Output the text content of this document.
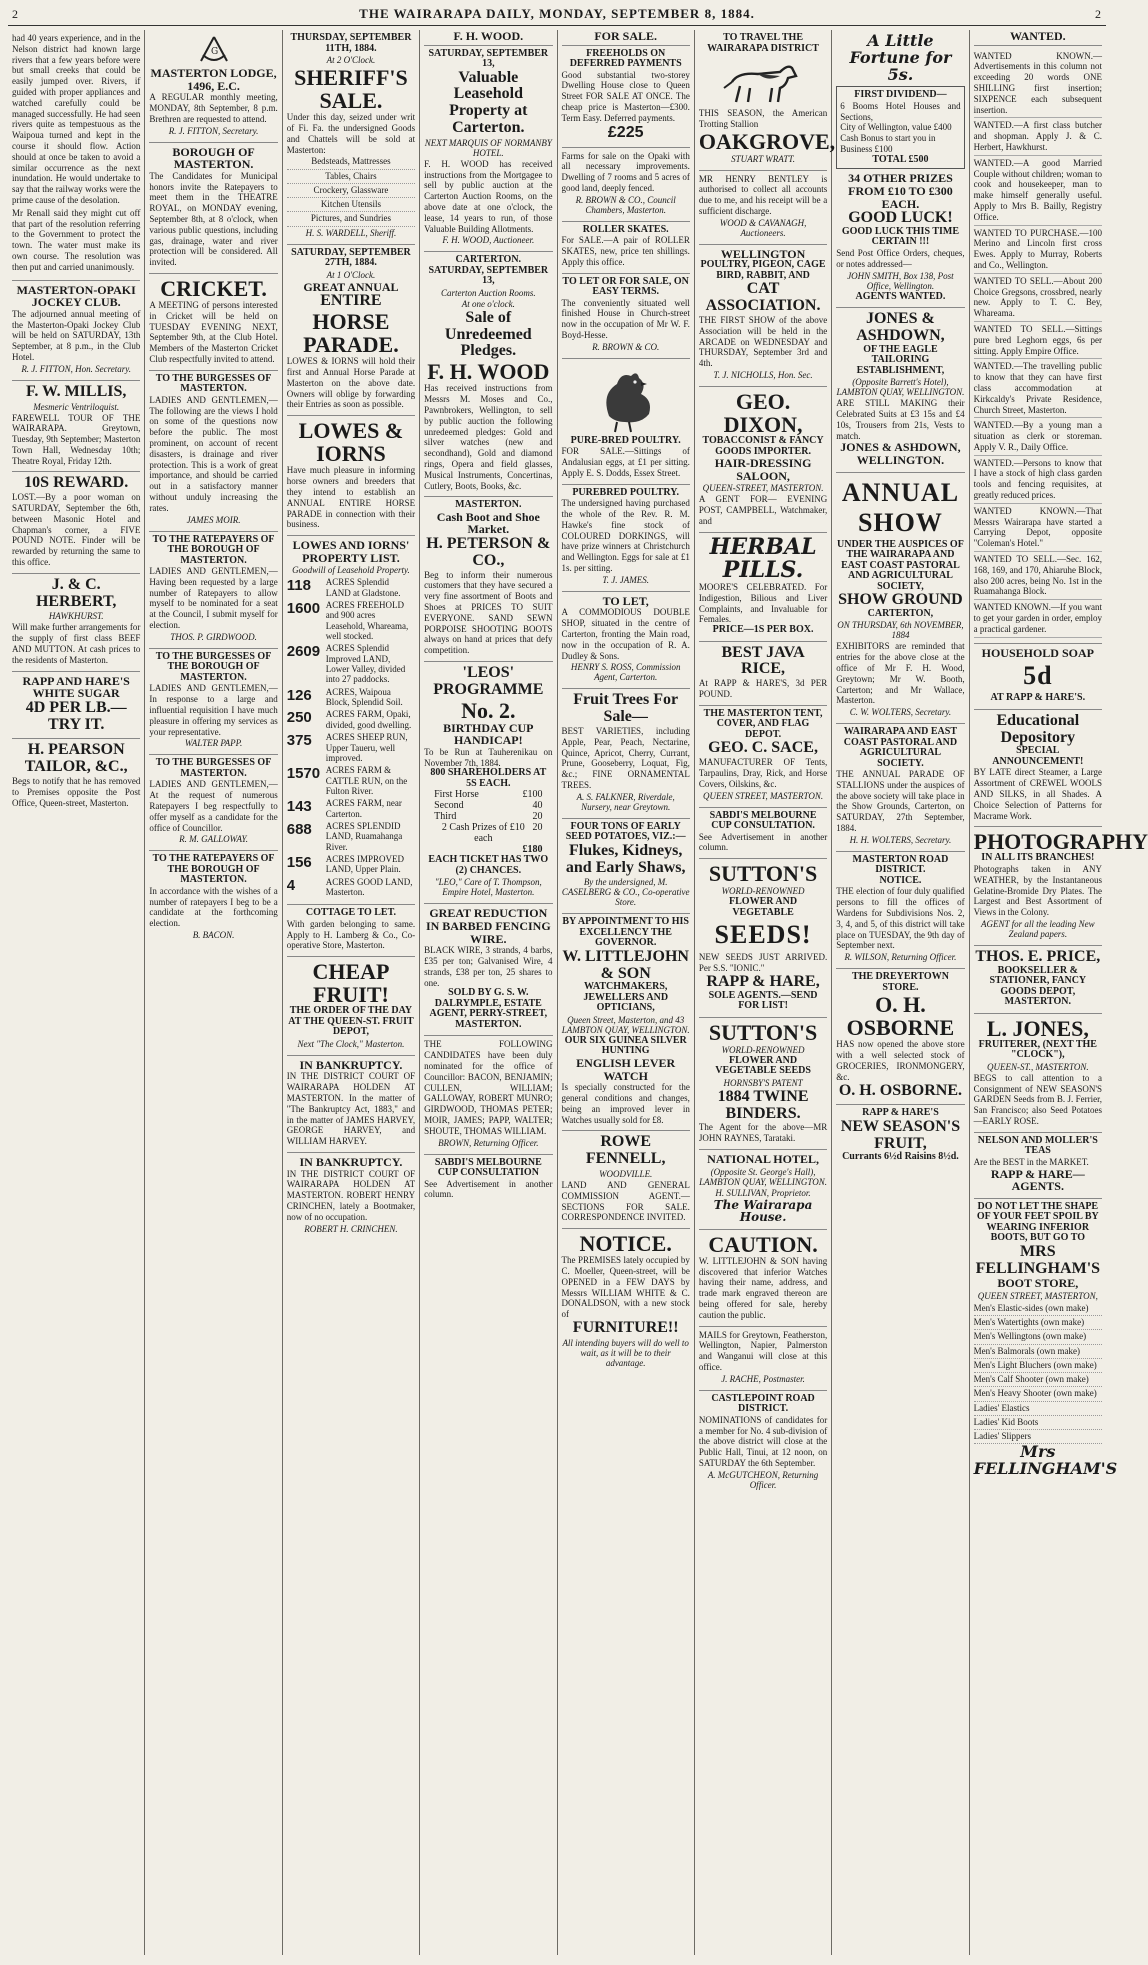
2	THE WAIRARAPA DAILY, MONDAY, SEPTEMBER 8, 1884.	2

had 40 years experience, and in the Nelson district had known large rivers that a few years before were but small creeks that could be easily jumped over. Rivers, if guided with proper appliances and watched carefully could be managed successfully. He had seen rivers quite as tempestuous as the Waipoua turned and kept in the course it should flow. Action should at once be taken to avoid a similar occurrence as the next inundation. He would undertake to say that the railway works were the prime cause of the desolation.

Mr Renall said they might cut off that part of the resolution referring to the Government to protect the town. The water must make its own course. The resolution was then put and carried unanimously.

MASTERTON-OPAKI JOCKEY CLUB.
The adjourned annual meeting of the Masterton-Opaki Jockey Club will be held on SATURDAY, 13th September, at 8 p.m., in the Club Hotel.
R. J. FITTON, Hon. Secretary.
F. W. MILLIS,
Mesmeric Ventriloquist.
FAREWELL TOUR OF THE WAIRARAPA. Greytown, Tuesday, 9th September; Masterton Town Hall, Wednesday 10th; Theatre Royal, Friday 12th.
10S REWARD.
LOST.—By a poor woman on SATURDAY, September the 6th, between Masonic Hotel and Chapman's corner, a FIVE POUND NOTE. Finder will be rewarded by returning the same to this office.
J. & C. HERBERT,
HAWKHURST.
Will make further arrangements for the supply of first class BEEF AND MUTTON. At cash prices to the residents of Masterton.
RAPP AND HARE'S WHITE SUGAR
4D PER LB.—TRY IT.
H. PEARSON TAILOR, &C.,
Begs to notify that he has removed to Premises opposite the Post Office, Queen-street, Masterton.
G
MASTERTON LODGE, 1496, E.C.
A REGULAR monthly meeting, MONDAY, 8th September, 8 p.m. Brethren are requested to attend.
R. J. FITTON, Secretary.
BOROUGH OF MASTERTON.
The Candidates for Municipal honors invite the Ratepayers to meet them in the THEATRE ROYAL, on MONDAY evening, September 8th, at 8 o'clock, when various public questions, including gas, drainage, water and river protection will be considered. All invited.
CRICKET.
A MEETING of persons interested in Cricket will be held on TUESDAY EVENING NEXT, September 9th, at the Club Hotel. Members of the Masterton Cricket Club respectfully invited to attend.
TO THE BURGESSES OF MASTERTON.
LADIES AND GENTLEMEN,—The following are the views I hold on some of the questions now before the public. The most prominent, on account of recent disasters, is drainage and river protection. This is a work of great importance, and should be carried out in a satisfactory manner without unduly increasing the rates.
JAMES MOIR.
TO THE RATEPAYERS OF THE BOROUGH OF MASTERTON.
LADIES AND GENTLEMEN,—Having been requested by a large number of Ratepayers to allow myself to be nominated for a seat at the Council, I submit myself for election.
THOS. P. GIRDWOOD.
TO THE BURGESSES OF THE BOROUGH OF MASTERTON.
LADIES AND GENTLEMEN,—In response to a large and influential requisition I have much pleasure in offering my services as your representative.
WALTER PAPP.
TO THE BURGESSES OF MASTERTON.
LADIES AND GENTLEMEN,—At the request of numerous Ratepayers I beg respectfully to offer myself as a candidate for the office of Councillor.
R. M. GALLOWAY.
TO THE RATEPAYERS OF THE BOROUGH OF MASTERTON.
In accordance with the wishes of a number of ratepayers I beg to be a candidate at the forthcoming election.
B. BACON.
THURSDAY, SEPTEMBER 11TH, 1884.
At 2 O'Clock.
SHERIFF'S SALE.
Under this day, seized under writ of Fi. Fa. the undersigned Goods and Chattels will be sold at Masterton:
Bedsteads, Mattresses
Tables, Chairs
Crockery, Glassware
Kitchen Utensils
Pictures, and Sundries
H. S. WARDELL, Sheriff.
SATURDAY, SEPTEMBER 27TH, 1884.
At 1 O'Clock.
GREAT ANNUAL
ENTIRE
HORSE PARADE.
LOWES & IORNS will hold their first and Annual Horse Parade at Masterton on the above date. Owners will oblige by forwarding their Entries as soon as possible.
LOWES & IORNS
Have much pleasure in informing horse owners and breeders that they intend to establish an ANNUAL ENTIRE HORSE PARADE in connection with their business.
LOWES AND IORNS' PROPERTY LIST.
Goodwill of Leasehold Property.
118	ACRES Splendid LAND at Gladstone.
1600 ACRES FREEHOLD and 900 acres Leasehold, Whareama, well stocked.
2609 ACRES Splendid Improved LAND, Lower Valley, divided into 27 paddocks.
126	ACRES, Waipoua Block, Splendid Soil.
250	ACRES FARM, Opaki, divided, good dwelling.
375	ACRES SHEEP RUN, Upper Taueru, well improved.
1570 ACRES FARM & CATTLE RUN, on the Fulton River.
143	ACRES FARM, near Carterton.
688	ACRES SPLENDID LAND, Ruamahanga River.
156	ACRES IMPROVED LAND, Upper Plain.
4	ACRES GOOD LAND, Masterton.
COTTAGE TO LET.
With garden belonging to same. Apply to H. Lamberg & Co., Co-operative Store, Masterton.
CHEAP FRUIT!
THE ORDER OF THE DAY AT THE QUEEN-ST. FRUIT DEPOT,
Next "The Clock," Masterton.
IN BANKRUPTCY.
IN THE DISTRICT COURT OF WAIRARAPA HOLDEN AT MASTERTON. In the matter of "The Bankruptcy Act, 1883," and in the matter of JAMES HARVEY, GEORGE HARVEY, and WILLIAM HARVEY.
IN BANKRUPTCY.
IN THE DISTRICT COURT OF WAIRARAPA HOLDEN AT MASTERTON. ROBERT HENRY CRINCHEN, lately a Bootmaker, now of no occupation.
ROBERT H. CRINCHEN.
F. H. WOOD.
SATURDAY, SEPTEMBER 13,
Valuable Leasehold Property at Carterton.
NEXT MARQUIS OF NORMANBY HOTEL.
F. H. WOOD has received instructions from the Mortgagee to sell by public auction at the Carterton Auction Rooms, on the above date at one o'clock, the lease, 14 years to run, of those Valuable Building Allotments.
F. H. WOOD, Auctioneer.
CARTERTON.
SATURDAY, SEPTEMBER 13,
Carterton Auction Rooms.
At one o'clock.
Sale of Unredeemed Pledges.
F. H. WOOD
Has received instructions from Messrs M. Moses and Co., Pawnbrokers, Wellington, to sell by public auction the following unredeemed pledges: Gold and silver watches (new and secondhand), Gold and diamond rings, Opera and field glasses, Musical Instruments, Concertinas, Cutlery, Boots, Books, &c.
MASTERTON.
Cash Boot and Shoe Market.
H. PETERSON & CO.,
Beg to inform their numerous customers that they have secured a very fine assortment of Boots and Shoes at PRICES TO SUIT EVERYONE. SAND SEWN PORPOISE SHOOTING BOOTS always on hand at prices that defy competition.
'LEOS' PROGRAMME
No. 2.
BIRTHDAY CUP HANDICAP!
To be Run at Tauherenikau on November 7th, 1884.
800 SHAREHOLDERS AT 5S EACH.
First Horse	£100
Second	40
Third	20
2 Cash Prizes of £10 each
20
£180
EACH TICKET HAS TWO (2) CHANCES.
"LEO," Care of T. Thompson, Empire Hotel, Masterton.
GREAT REDUCTION IN BARBED FENCING WIRE.
BLACK WIRE, 3 strands, 4 barbs, £35 per ton; Galvanised Wire, 4 strands, £38 per ton, 25 shares to one.
SOLD BY G. S. W. DALRYMPLE, ESTATE AGENT, PERRY-STREET, MASTERTON.
THE FOLLOWING CANDIDATES have been duly nominated for the office of Councillor: BACON, BENJAMIN; CULLEN, WILLIAM; GALLOWAY, ROBERT MUNRO; GIRDWOOD, THOMAS PETER; MOIR, JAMES; PAPP, WALTER; SHOUTE, THOMAS WILLIAM.
BROWN, Returning Officer.
SABDI'S MELBOURNE CUP CONSULTATION
See Advertisement in another column.
FOR SALE.
FREEHOLDS ON DEFERRED PAYMENTS
Good substantial two-storey Dwelling House close to Queen Street FOR SALE AT ONCE. The cheap price is Masterton—£300. Term Easy. Deferred payments.
£225
Farms for sale on the Opaki with all necessary improvements. Dwelling of 7 rooms and 5 acres of good land, deeply fenced.
R. BROWN & CO., Council Chambers, Masterton.
ROLLER SKATES.
For SALE.—A pair of ROLLER SKATES, new, price ten shillings. Apply this office.
TO LET OR FOR SALE, ON EASY TERMS.
The conveniently situated well finished House in Church-street now in the occupation of Mr W. F. Boyd-Hesse.
R. BROWN & CO.
PURE-BRED POULTRY.
FOR SALE.—Sittings of Andalusian eggs, at £1 per sitting. Apply E. S. Dodds, Essex Street.
PUREBRED POULTRY.
The undersigned having purchased the whole of the Rev. R. M. Hawke's fine stock of COLOURED DORKINGS, will have prize winners at Christchurch and Wellington. Eggs for sale at £1 1s. per sitting.
T. J. JAMES.
TO LET,
A COMMODIOUS DOUBLE SHOP, situated in the centre of Carterton, fronting the Main road, now in the occupation of R. A. Dudley & Sons.
HENRY S. ROSS, Commission Agent, Carterton.
Fruit Trees For Sale—
BEST VARIETIES, including Apple, Pear, Peach, Nectarine, Quince, Apricot, Cherry, Currant, Prune, Gooseberry, Loquat, Fig, &c.; FINE ORNAMENTAL TREES.
A. S. FALKNER, Riverdale, Nursery, near Greytown.
FOUR TONS OF EARLY SEED POTATOES, VIZ.:—
Flukes, Kidneys, and Early Shaws,
By the undersigned, M. CASELBERG & CO., Co-operative Store.
BY APPOINTMENT TO HIS EXCELLENCY THE GOVERNOR.
W. LITTLEJOHN & SON
WATCHMAKERS, JEWELLERS AND OPTICIANS,
Queen Street, Masterton, and 43 LAMBTON QUAY, WELLINGTON.
OUR SIX GUINEA SILVER HUNTING
ENGLISH LEVER WATCH
Is specially constructed for the general conditions and changes, being an improved lever in Watches usually sold for £8.
ROWE FENNELL,
WOODVILLE.
LAND AND GENERAL COMMISSION AGENT.—SECTIONS FOR SALE. CORRESPONDENCE INVITED.
NOTICE.
The PREMISES lately occupied by C. Moeller, Queen-street, will be OPENED in a FEW DAYS by Messrs WILLIAM WHITE & C. DONALDSON, with a new stock of
FURNITURE!!
All intending buyers will do well to wait, as it will be to their advantage.
TO TRAVEL THE WAIRARAPA DISTRICT
THIS SEASON, the American Trotting Stallion
OAKGROVE,
STUART WRATT.
MR HENRY BENTLEY is authorised to collect all accounts due to me, and his receipt will be a sufficient discharge.
WOOD & CAVANAGH, Auctioneers.
WELLINGTON
POULTRY, PIGEON, CAGE BIRD, RABBIT, AND
CAT ASSOCIATION.
THE FIRST SHOW of the above Association will be held in the ARCADE on WEDNESDAY and THURSDAY, September 3rd and 4th.
T. J. NICHOLLS, Hon. Sec.
GEO. DIXON,
TOBACCONIST & FANCY GOODS IMPORTER.
HAIR-DRESSING SALOON,
QUEEN-STREET, MASTERTON.
A GENT FOR— EVENING POST, CAMPBELL, Watchmaker, and
HERBAL PILLS.
MOORE'S CELEBRATED. For Indigestion, Bilious and Liver Complaints, and Invaluable for Females.
PRICE—1S PER BOX.
BEST JAVA RICE,
At RAPP & HARE'S, 3d PER POUND.
THE MASTERTON TENT, COVER, AND FLAG DEPOT.
GEO. C. SACE,
MANUFACTURER OF Tents, Tarpaulins, Dray, Rick, and Horse Covers, Oilskins, &c.
QUEEN STREET, MASTERTON.
SABDI'S MELBOURNE CUP CONSULTATION.
See Advertisement in another column.
SUTTON'S
WORLD-RENOWNED
FLOWER AND VEGETABLE
SEEDS!
NEW SEEDS JUST ARRIVED. Per S.S. "IONIC."
RAPP & HARE,
SOLE AGENTS.—SEND FOR LIST!
SUTTON'S
WORLD-RENOWNED
FLOWER AND VEGETABLE SEEDS
HORNSBY'S PATENT
1884 TWINE BINDERS.
The Agent for the above—MR JOHN RAYNES, Tarataki.
NATIONAL HOTEL,
(Opposite St. George's Hall), LAMBTON QUAY, WELLINGTON.
H. SULLIVAN, Proprietor.
The Wairarapa House.
CAUTION.
W. LITTLEJOHN & SON having discovered that inferior Watches having their name, address, and trade mark engraved thereon are being offered for sale, hereby caution the public.
MAILS for Greytown, Featherston, Wellington, Napier, Palmerston and Wanganui will close at this office.
J. RACHE, Postmaster.
CASTLEPOINT ROAD DISTRICT.
NOMINATIONS of candidates for a member for No. 4 sub-division of the above district will close at the Public Hall, Tinui, at 12 noon, on SATURDAY the 6th September.
A. McGUTCHEON, Returning Officer.
A Little Fortune for 5s.
FIRST DIVIDEND—
6 Booms Hotel Houses and Sections,
City of Wellington, value £400
Cash Bonus to start you in
Business £100
TOTAL £500
34 OTHER PRIZES FROM £10 TO £300 EACH.
GOOD LUCK!
GOOD LUCK THIS TIME CERTAIN !!!
Send Post Office Orders, cheques, or notes addressed—
JOHN SMITH, Box 138, Post Office, Wellington.
AGENTS WANTED.
JONES & ASHDOWN,
OF THE EAGLE TAILORING ESTABLISHMENT,
(Opposite Barrett's Hotel), LAMBTON QUAY, WELLINGTON.
ARE STILL MAKING their Celebrated Suits at £3 15s and £4 10s, Trousers from 21s, Vests to match.
JONES & ASHDOWN, WELLINGTON.
ANNUAL SHOW
UNDER THE AUSPICES OF THE WAIRARAPA AND EAST COAST PASTORAL AND AGRICULTURAL SOCIETY,
SHOW GROUND
CARTERTON,
ON THURSDAY, 6th NOVEMBER, 1884
EXHIBITORS are reminded that entries for the above close at the office of Mr F. H. Wood, Greytown; Mr W. Booth, Carterton; and Mr Wallace, Masterton.
C. W. WOLTERS, Secretary.
WAIRARAPA AND EAST COAST PASTORAL AND AGRICULTURAL SOCIETY.
THE ANNUAL PARADE OF STALLIONS under the auspices of the above society will take place in the Show Grounds, Carterton, on SATURDAY, 27th September, 1884.
H. H. WOLTERS, Secretary.
MASTERTON ROAD DISTRICT.
NOTICE.
THE election of four duly qualified persons to fill the offices of Wardens for Subdivisions Nos. 2, 3, 4, and 5, of this district will take place on TUESDAY, the 9th day of September next.
R. WILSON, Returning Officer.
THE DREYERTOWN STORE.
O. H. OSBORNE
HAS now opened the above store with a well selected stock of GROCERIES, IRONMONGERY, &c.
O. H. OSBORNE.
RAPP & HARE'S
NEW SEASON'S FRUIT,
Currants 6½d Raisins 8½d.
WANTED.

WANTED KNOWN.—Advertisements in this column not exceeding 20 words ONE SHILLING first insertion; SIXPENCE each subsequent insertion.

WANTED.—A first class butcher and shopman. Apply J. & C. Herbert, Hawkhurst.

WANTED.—A good Married Couple without children; woman to cook and housekeeper, man to make himself generally useful. Apply to Mrs B. Bailly, Registry Office.

WANTED TO PURCHASE.—100 Merino and Lincoln first cross Ewes. Apply to Murray, Roberts and Co., Wellington.

WANTED TO SELL.—About 200 Choice Gregsons, crossbred, nearly new. Apply to T. C. Bey, Whareama.

WANTED TO SELL.—Sittings pure bred Leghorn eggs, 6s per sitting. Apply Empire Office.

WANTED.—The travelling public to know that they can have first class accommodation at Kirkcaldy's Private Residence, Church Street, Masterton.

WANTED.—By a young man a situation as clerk or storeman. Apply V. R., Daily Office.

WANTED.—Persons to know that I have a stock of high class garden tools and fencing requisites, at greatly reduced prices.

WANTED KNOWN.—That Messrs Wairarapa have started a Carrying Depot, opposite "Coleman's Hotel."

WANTED TO SELL.—Sec. 162, 168, 169, and 170, Ahiaruhe Block, also 200 acres, being No. 1st in the Ruamahanga Block.

WANTED KNOWN.—If you want to get your garden in order, employ a practical gardener.

HOUSEHOLD SOAP
5d
AT RAPP & HARE'S.
Educational Depository
SPECIAL ANNOUNCEMENT!
BY LATE direct Steamer, a Large Assortment of CREWEL WOOLS AND SILKS, in all Shades. A Choice Selection of Patterns for Macrame Work.
PHOTOGRAPHY
IN ALL ITS BRANCHES!
Photographs taken in ANY WEATHER, by the Instantaneous Gelatine-Bromide Dry Plates. The Largest and Best Assortment of Views in the Colony.
AGENT for all the leading New Zealand papers.
THOS. E. PRICE,
BOOKSELLER & STATIONER, FANCY GOODS DEPOT, MASTERTON.
L. JONES,
FRUITERER, (NEXT THE "CLOCK"),
QUEEN-ST., MASTERTON.
BEGS to call attention to a Consignment of NEW SEASON'S GARDEN Seeds from B. J. Ferrier, San Francisco; also Seed Potatoes—EARLY ROSE.
NELSON AND MOLLER'S TEAS
Are the BEST in the MARKET.
RAPP & HARE—AGENTS.
DO NOT LET THE SHAPE OF YOUR FEET SPOIL BY WEARING INFERIOR BOOTS, BUT GO TO
MRS FELLINGHAM'S
BOOT STORE,
QUEEN STREET, MASTERTON,
Men's Elastic-sides (own make)
Men's Watertights (own make)
Men's Wellingtons (own make)
Men's Balmorals (own make)
Men's Light Bluchers (own make)
Men's Calf Shooter (own make)
Men's Heavy Shooter (own make)
Ladies' Elastics
Ladies' Kid Boots
Ladies' Slippers
Mrs FELLINGHAM'S
